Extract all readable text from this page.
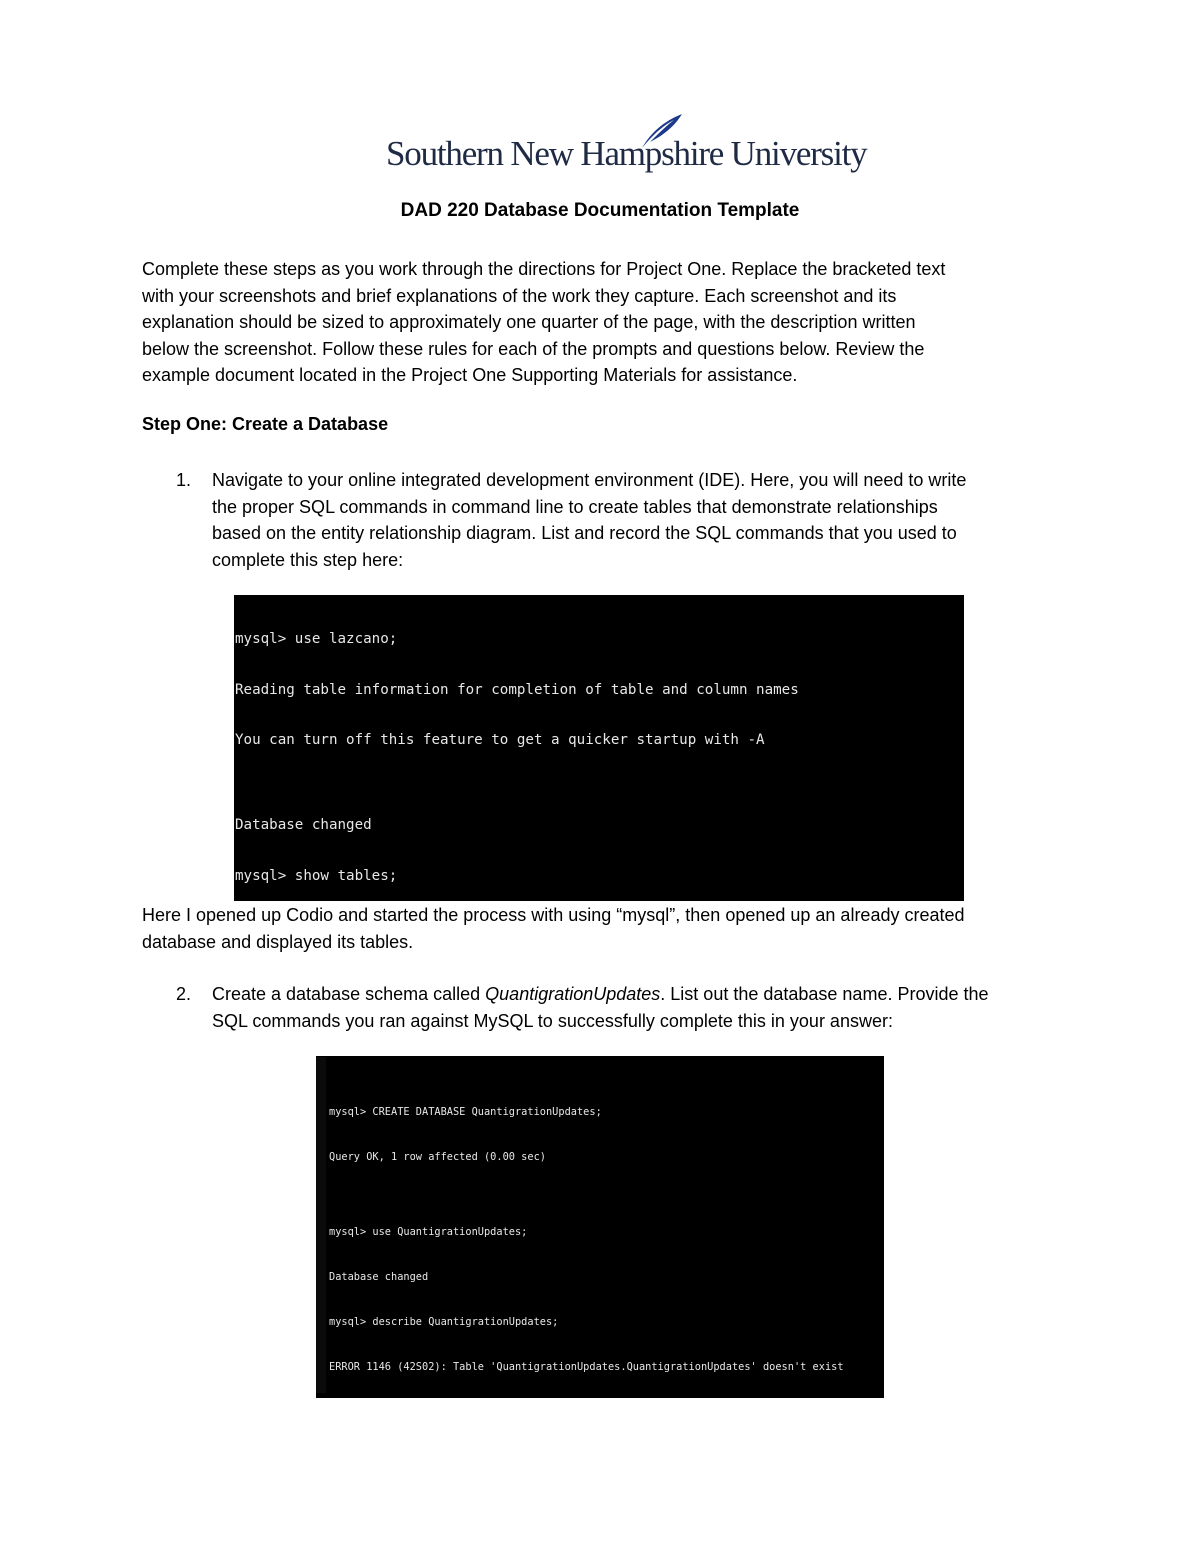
Southern New Hampshire University
DAD 220 Database Documentation Template
Complete these steps as you work through the directions for Project One. Replace the bracketed text
with your screenshots and brief explanations of the work they capture. Each screenshot and its
explanation should be sized to approximately one quarter of the page, with the description written
below the screenshot. Follow these rules for each of the prompts and questions below. Review the
example document located in the Project One Supporting Materials for assistance.
Step One: Create a Database
1. Navigate to your online integrated development environment (IDE). Here, you will need to write
the proper SQL commands in command line to create tables that demonstrate relationships
based on the entity relationship diagram. List and record the SQL commands that you used to
complete this step here:

mysql> use lazcano;

Reading table information for completion of table and column names

You can turn off this feature to get a quicker startup with -A

Database changed

mysql> show tables;

Here I opened up Codio and started the process with using “mysql”, then opened up an already created
database and displayed its tables.
2. Create a database schema called QuantigrationUpdates. List out the database name. Provide the
SQL commands you ran against MySQL to successfully complete this in your answer:

mysql> CREATE DATABASE QuantigrationUpdates;

Query OK, 1 row affected (0.00 sec)

mysql> use QuantigrationUpdates;

Database changed

mysql> describe QuantigrationUpdates;

ERROR 1146 (42S02): Table 'QuantigrationUpdates.QuantigrationUpdates' doesn't exist
